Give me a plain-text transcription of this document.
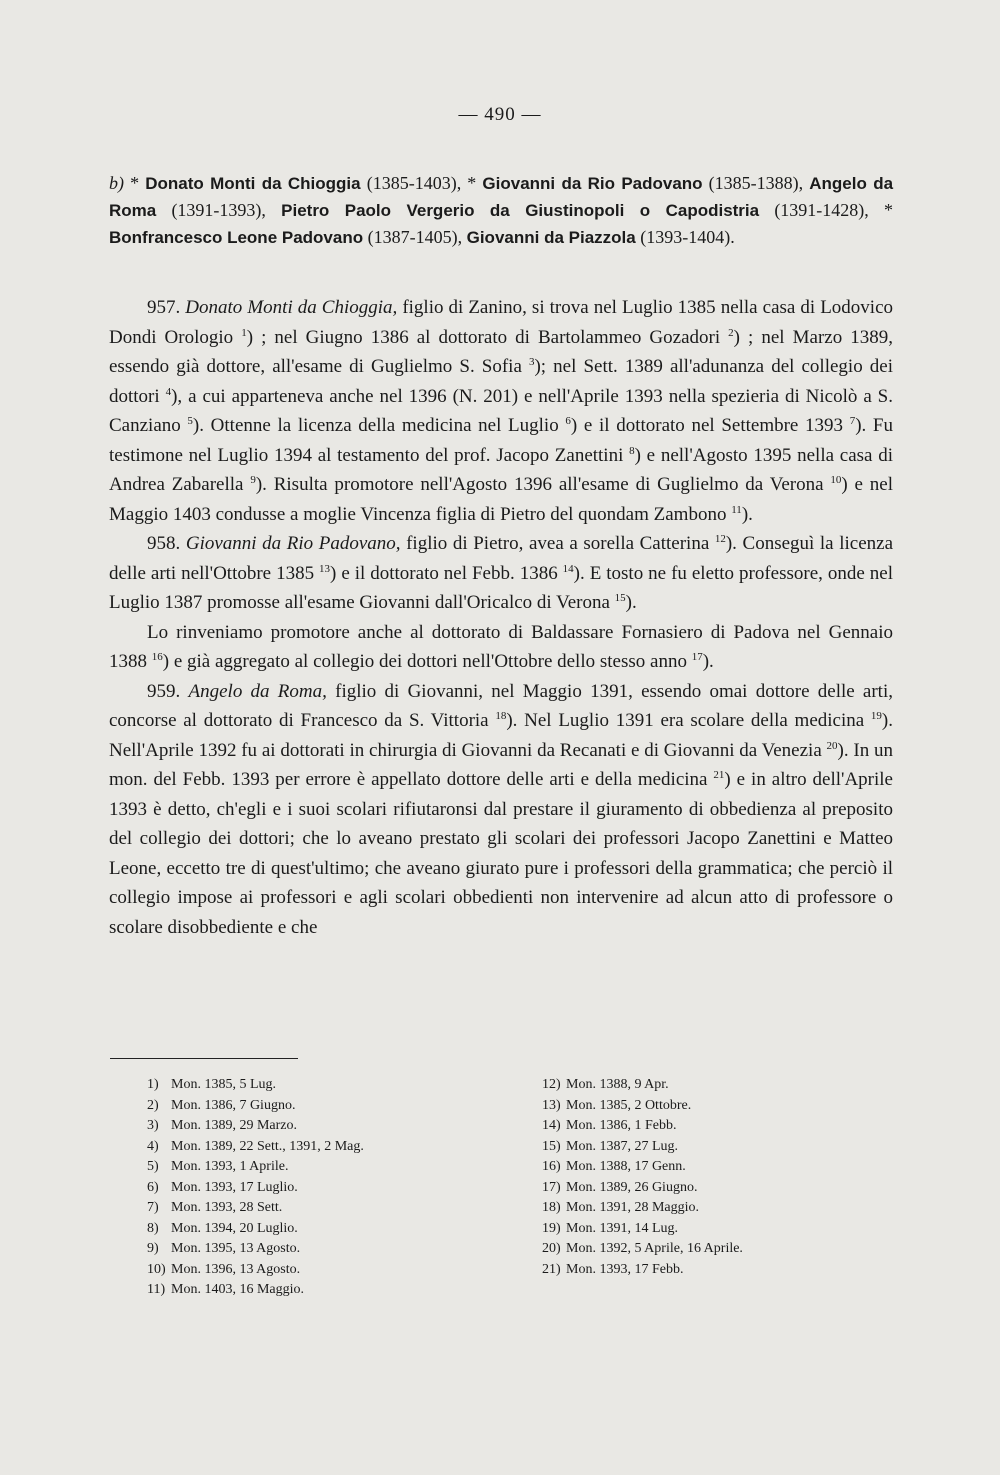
— 490 —
b) * Donato Monti da Chioggia (1385-1403), * Giovanni da Rio Padovano (1385-1388), Angelo da Roma (1391-1393), Pietro Paolo Vergerio da Giustinopoli o Capodistria (1391-1428), * Bonfrancesco Leone Padovano (1387-1405), Giovanni da Piazzola (1393-1404).

957. Donato Monti da Chioggia, figlio di Zanino, si trova nel Luglio 1385 nella casa di Lodovico Dondi Orologio $^1$) ; nel Giugno 1386 al dottorato di Bartolammeo Gozadori $^2$) ; nel Marzo 1389, essendo già dottore, all'esame di Guglielmo S. Sofia $^3$); nel Sett. 1389 all'adunanza del collegio dei dottori $^4$), a cui apparteneva anche nel 1396 (N. 201) e nell'Aprile 1393 nella spezieria di Nicolò a S. Canziano $^5$). Ottenne la licenza della medicina nel Luglio $^6$) e il dottorato nel Settembre 1393 $^7$). Fu testimone nel Luglio 1394 al testamento del prof. Jacopo Zanettini $^8$) e nell'Agosto 1395 nella casa di Andrea Zabarella $^9$). Risulta promotore nell'Agosto 1396 all'esame di Guglielmo da Verona $^{10}$) e nel Maggio 1403 condusse a moglie Vincenza figlia di Pietro del quondam Zambono $^{11}$).

958. Giovanni da Rio Padovano, figlio di Pietro, avea a sorella Catterina $^{12}$). Conseguì la licenza delle arti nell'Ottobre 1385 $^{13}$) e il dottorato nel Febb. 1386 $^{14}$). E tosto ne fu eletto professore, onde nel Luglio 1387 promosse all'esame Giovanni dall'Oricalco di Verona $^{15}$).

Lo rinveniamo promotore anche al dottorato di Baldassare Fornasiero di Padova nel Gennaio 1388 $^{16}$) e già aggregato al collegio dei dottori nell'Ottobre dello stesso anno $^{17}$).

959. Angelo da Roma, figlio di Giovanni, nel Maggio 1391, essendo omai dottore delle arti, concorse al dottorato di Francesco da S. Vittoria $^{18}$). Nel Luglio 1391 era scolare della medicina $^{19}$). Nell'Aprile 1392 fu ai dottorati in chirurgia di Giovanni da Recanati e di Giovanni da Venezia $^{20}$). In un mon. del Febb. 1393 per errore è appellato dottore delle arti e della medicina $^{21}$) e in altro dell'Aprile 1393 è detto, ch'egli e i suoi scolari rifiutaronsi dal prestare il giuramento di obbedienza al preposito del collegio dei dottori; che lo aveano prestato gli scolari dei professori Jacopo Zanettini e Matteo Leone, eccetto tre di quest'ultimo; che aveano giurato pure i professori della grammatica; che perciò il collegio impose ai professori e agli scolari obbedienti non intervenire ad alcun atto di professore o scolare disobbediente e che

1) Mon. 1385, 5 Lug.
2) Mon. 1386, 7 Giugno.
3) Mon. 1389, 29 Marzo.
4) Mon. 1389, 22 Sett., 1391, 2 Mag.
5) Mon. 1393, 1 Aprile.
6) Mon. 1393, 17 Luglio.
7) Mon. 1393, 28 Sett.
8) Mon. 1394, 20 Luglio.
9) Mon. 1395, 13 Agosto.
10) Mon. 1396, 13 Agosto.
11) Mon. 1403, 16 Maggio.
12) Mon. 1388, 9 Apr.
13) Mon. 1385, 2 Ottobre.
14) Mon. 1386, 1 Febb.
15) Mon. 1387, 27 Lug.
16) Mon. 1388, 17 Genn.
17) Mon. 1389, 26 Giugno.
18) Mon. 1391, 28 Maggio.
19) Mon. 1391, 14 Lug.
20) Mon. 1392, 5 Aprile, 16 Aprile.
21) Mon. 1393, 17 Febb.
